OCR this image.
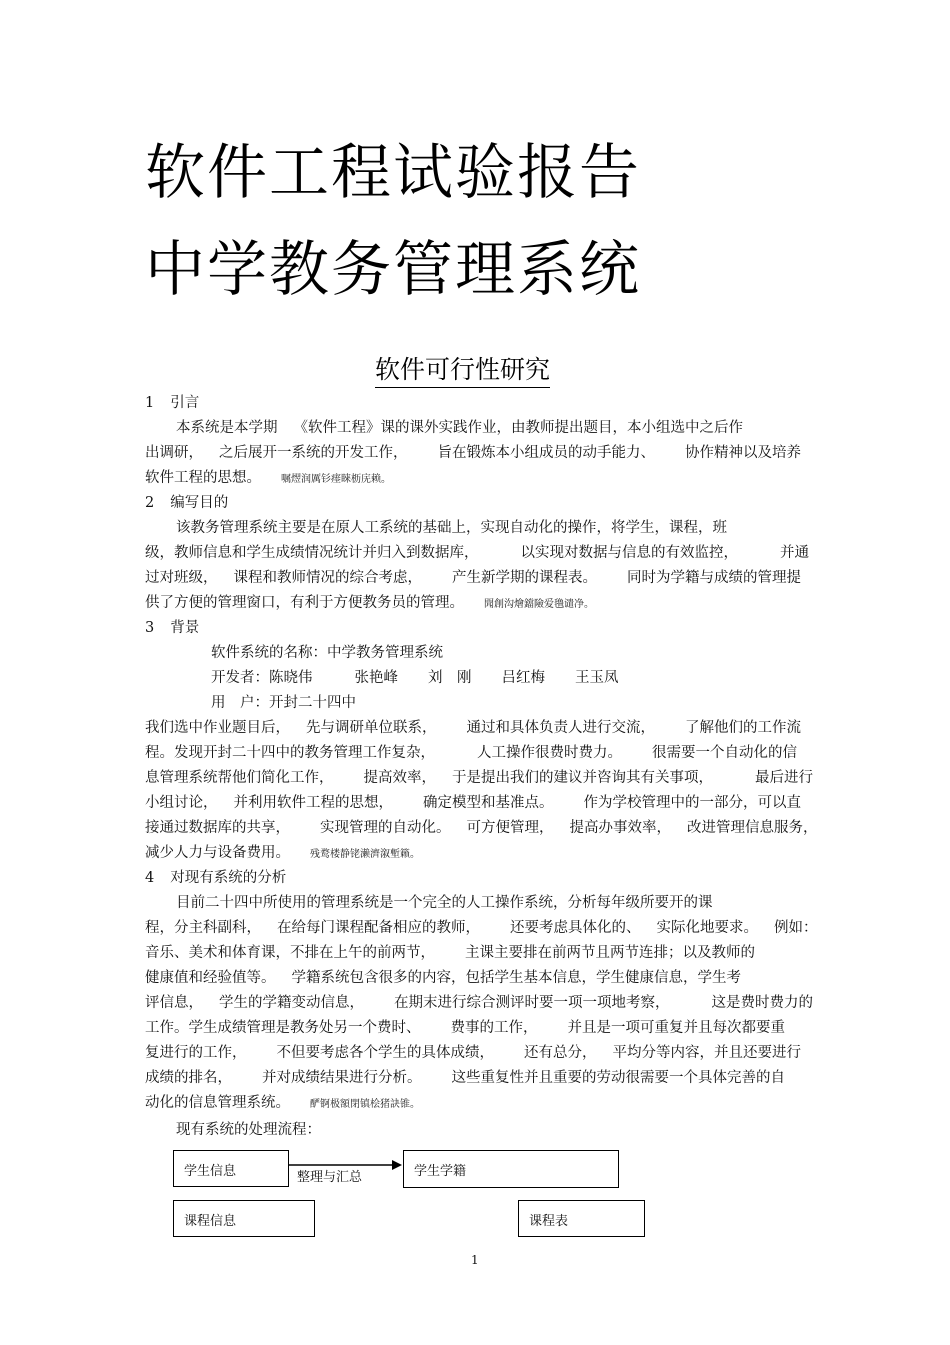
软件工程试验报告
中学教务管理系统
软件可行性研究
1 引言
本系统是本学期 《软件工程》课的课外实践作业，由教师提出题目，本小组选中之后作
出调研， 之后展开一系统的开发工作， 旨在锻炼本小组成员的动手能力、 协作精神以及培养
软件工程的思想。 嘱熤润厲钐瘗睞枥庑赖。
2 编写目的
该教务管理系统主要是在原人工系统的基础上，实现自动化的操作，将学生，课程，班
级，教师信息和学生成绩情况统计并归入到数据库，	以实现对数据与信息的有效监控，	并通
过对班级， 课程和教师情况的综合考虑， 产生新学期的课程表。 同时为学籍与成绩的管理提
供了方便的管理窗口，有利于方便教务员的管理。 聞創沟燴鐺險爱氇谴净。
3 背景
软件系统的名称：中学教务管理系统
开发者：陈晓伟	张艳峰 刘　刚 吕红梅 王玉凤
用　户：开封二十四中
我们选中作业题目后， 先与调研单位联系， 通过和具体负责人进行交流， 了解他们的工作流
程。发现开封二十四中的教务管理工作复杂，	人工操作很费时费力。 很需要一个自动化的信
息管理系统帮他们简化工作， 提高效率， 于是提出我们的建议并咨询其有关事项，	最后进行
小组讨论， 并利用软件工程的思想， 确定模型和基准点。 作为学校管理中的一部分，可以直
接通过数据库的共享， 实现管理的自动化。 可方便管理， 提高办事效率， 改进管理信息服务，
减少人力与设备费用。 残鹜楼静铑濑濟溆塹籟。
4 对现有系统的分析
目前二十四中所使用的管理系统是一个完全的人工操作系统，分析每年级所要开的课
程，分主科副科， 在给每门课程配备相应的教师， 还要考虑具体化的、 实际化地要求。 例如：
音乐、美术和体育课，不排在上午的前两节， 主课主要排在前两节且两节连排；以及教师的
健康值和经验值等。 学籍系统包含很多的内容，包括学生基本信息，学生健康信息，学生考
评信息， 学生的学籍变动信息， 在期末进行综合测评时要一项一项地考察，	这是费时费力的
工作。学生成绩管理是教务处另一个费时、 费事的工作， 并且是一项可重复并且每次都要重
复进行的工作， 不但要考虑各个学生的具体成绩， 还有总分， 平均分等内容，并且还要进行
成绩的排名， 并对成绩结果进行分析。 这些重复性并且重要的劳动很需要一个具体完善的自
动化的信息管理系统。 酽锕极額閉镇桧猪訣锥。
现有系统的处理流程：
学生信息	学生学籍
课程信息	课程表
整理与汇总
1
